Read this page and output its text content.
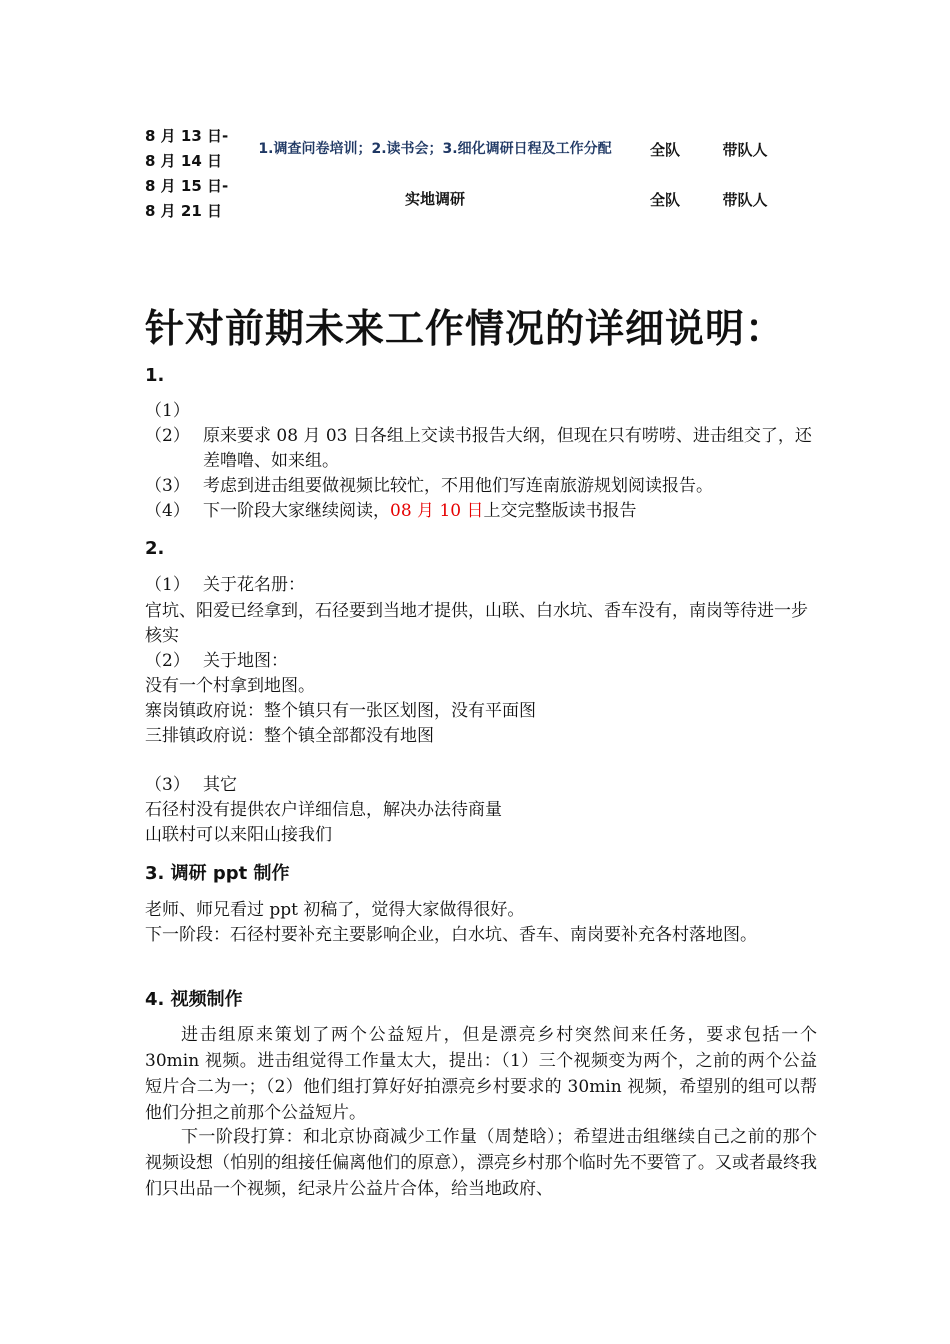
8 月 13 日-
8 月 14 日
1.调查问卷培训；2.读书会；3.细化调研日程及工作分配	全队	带队人
8 月 15 日-
8 月 21 日
实地调研	全队	带队人
针对前期未来工作情况的详细说明：
1.
（1）
（2） 原来要求 08 月 03 日各组上交读书报告大纲，但现在只有唠唠、进击组交了，还差噜噜、如来组。
（3） 考虑到进击组要做视频比较忙，不用他们写连南旅游规划阅读报告。
（4） 下一阶段大家继续阅读，08 月 10 日上交完整版读书报告
2.
（1） 关于花名册：
官坑、阳爱已经拿到，石径要到当地才提供，山联、白水坑、香车没有，南岗等待进一步核实
（2） 关于地图：
没有一个村拿到地图。
寨岗镇政府说：整个镇只有一张区划图，没有平面图
三排镇政府说：整个镇全部都没有地图
（3） 其它
石径村没有提供农户详细信息，解决办法待商量
山联村可以来阳山接我们
3. 调研 ppt 制作
老师、师兄看过 ppt 初稿了，觉得大家做得很好。
下一阶段：石径村要补充主要影响企业，白水坑、香车、南岗要补充各村落地图。
4. 视频制作
进击组原来策划了两个公益短片，但是漂亮乡村突然间来任务，要求包括一个 30min 视频。进击组觉得工作量太大，提出：（1）三个视频变为两个，之前的两个公益短片合二为一；（2）他们组打算好好拍漂亮乡村要求的 30min 视频，希望别的组可以帮他们分担之前那个公益短片。
下一阶段打算：和北京协商减少工作量（周楚晗）；希望进击组继续自己之前的那个视频设想（怕别的组接任偏离他们的原意），漂亮乡村那个临时先不要管了。又或者最终我们只出品一个视频，纪录片公益片合体，给当地政府、
